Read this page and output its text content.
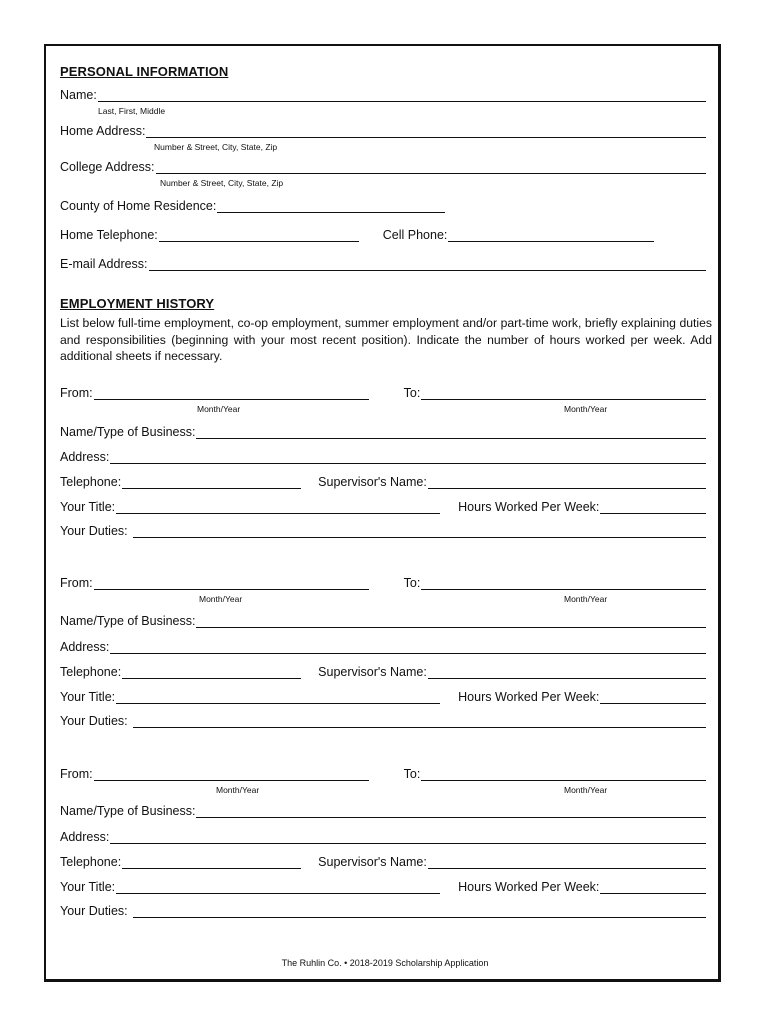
PERSONAL INFORMATION
Name:
Last, First, Middle
Home Address:
Number & Street, City, State, Zip
College Address:
Number & Street, City, State, Zip
County of Home Residence:
Home Telephone:	Cell Phone:
E-mail Address:
EMPLOYMENT HISTORY
List below full-time employment, co-op employment, summer employment and/or part-time work, briefly explaining duties and responsibilities (beginning with your most recent position). Indicate the number of hours worked per week. Add additional sheets if necessary.
From:	To:
Month/Year	Month/Year
Name/Type of Business:
Address:
Telephone:	Supervisor's Name:
Your Title:	Hours Worked Per Week:
Your Duties:
From:	To:
Month/Year	Month/Year
Name/Type of Business:
Address:
Telephone:	Supervisor's Name:
Your Title:	Hours Worked Per Week:
Your Duties:
From:	To:
Month/Year	Month/Year
Name/Type of Business:
Address:
Telephone:	Supervisor's Name:
Your Title:	Hours Worked Per Week:
Your Duties:
The Ruhlin Co. • 2018-2019 Scholarship Application
